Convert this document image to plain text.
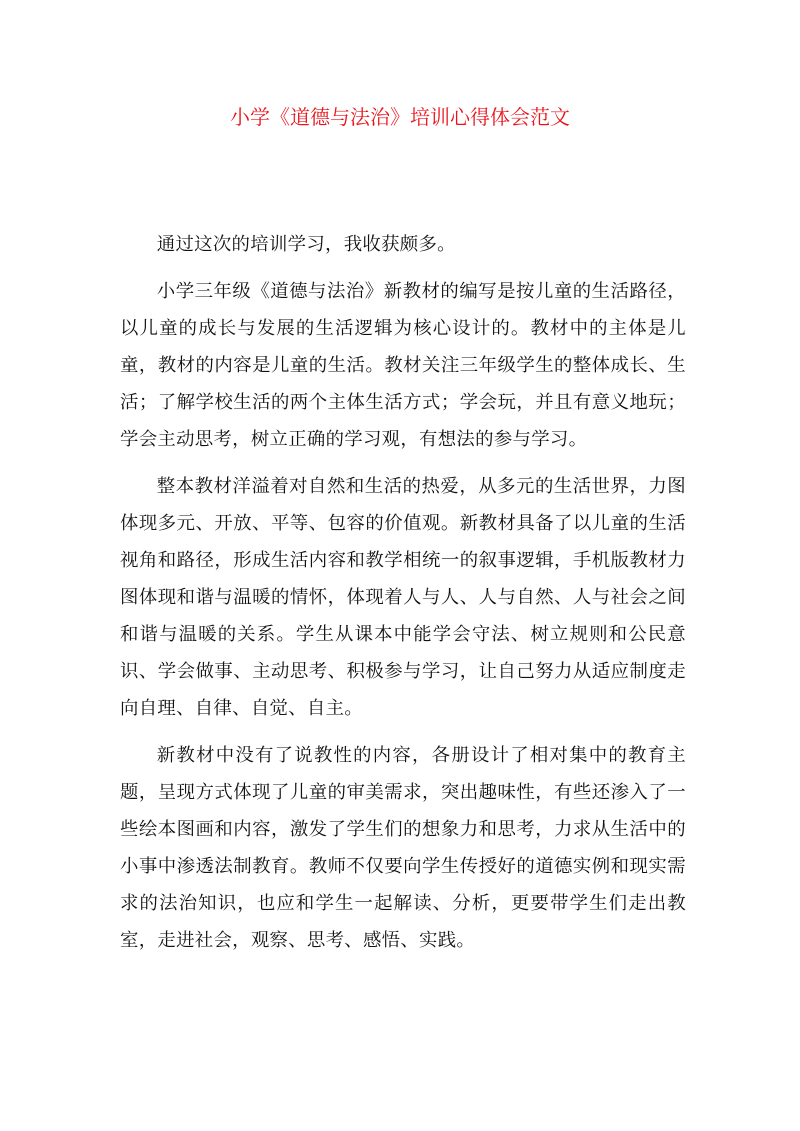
小学《道德与法治》培训心得体会范文

通过这次的培训学习，我收获颇多。

小学三年级《道德与法治》新教材的编写是按儿童的生活路径，以儿童的成长与发展的生活逻辑为核心设计的。教材中的主体是儿童，教材的内容是儿童的生活。教材关注三年级学生的整体成长、生活；了解学校生活的两个主体生活方式；学会玩，并且有意义地玩；学会主动思考，树立正确的学习观，有想法的参与学习。

整本教材洋溢着对自然和生活的热爱，从多元的生活世界，力图体现多元、开放、平等、包容的价值观。新教材具备了以儿童的生活视角和路径，形成生活内容和教学相统一的叙事逻辑，手机版教材力图体现和谐与温暖的情怀，体现着人与人、人与自然、人与社会之间和谐与温暖的关系。学生从课本中能学会守法、树立规则和公民意识、学会做事、主动思考、积极参与学习，让自己努力从适应制度走向自理、自律、自觉、自主。

新教材中没有了说教性的内容，各册设计了相对集中的教育主题，呈现方式体现了儿童的审美需求，突出趣味性，有些还渗入了一些绘本图画和内容，激发了学生们的想象力和思考，力求从生活中的小事中渗透法制教育。教师不仅要向学生传授好的道德实例和现实需求的法治知识，也应和学生一起解读、分析，更要带学生们走出教室，走进社会，观察、思考、感悟、实践。
